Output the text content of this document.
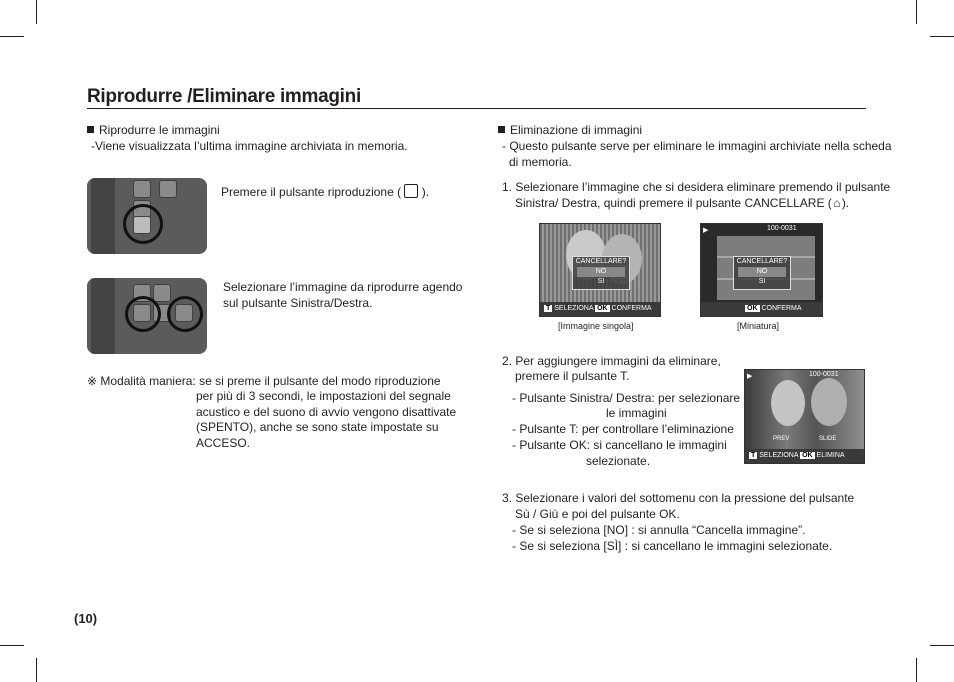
Riprodurre /Eliminare immagini
Riprodurre le immagini
-Viene visualizzata l’ultima immagine archiviata in memoria.
Premere il pulsante riproduzione ( ).
Selezionare l’immagine da riprodurre agendo
sul pulsante Sinistra/Destra.
※ Modalità maniera: se si preme il pulsante del modo riproduzione
per più di 3 secondi, le impostazioni del segnale
acustico e del suono di avvio vengono disattivate
(SPENTO), anche se sono state impostate su
ACCESO.
Eliminazione di immagini
- Questo pulsante serve per eliminare le immagini archiviate nella scheda
di memoria.
1. Selezionare l’immagine che si desidera eliminare premendo il pulsante
Sinistra/ Destra, quindi premere il pulsante CANCELLARE (⌂).
CANCELLARE?
NO
SI
T SELEZIONA OK CONFERMA
[Immagine singola]
▶	100-0031
CANCELLARE?
NO
SI
OK CONFERMA
[Miniatura]
2. Per aggiungere immagini da eliminare,
premere il pulsante T.
- Pulsante Sinistra/ Destra: per selezionare
le immagini
- Pulsante T: per controllare l’eliminazione
- Pulsante OK: si cancellano le immagini
selezionate.
▶	100-0031
PREV	SLIDE
T SELEZIONA OK ELIMINA
3. Selezionare i valori del sottomenu con la pressione del pulsante
Sù / Giù e poi del pulsante OK.
- Se si seleziona [NO] : si annulla “Cancella immagine”.
- Se si seleziona [SÌ] : si cancellano le immagini selezionate.
(10)
